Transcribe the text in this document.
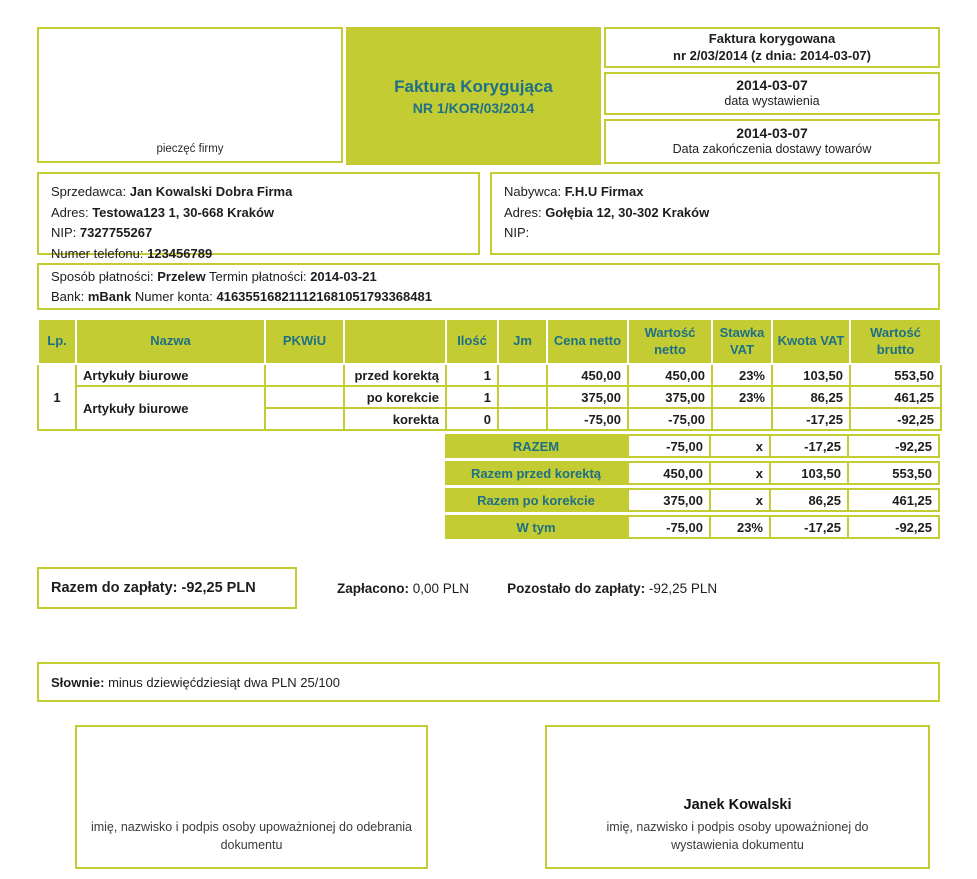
pieczęć firmy
Faktura Korygująca
NR 1/KOR/03/2014
Faktura korygowana
nr 2/03/2014 (z dnia: 2014-03-07)
2014-03-07
data wystawienia
2014-03-07
Data zakończenia dostawy towarów
Sprzedawca: Jan Kowalski Dobra Firma
Adres: Testowa123 1, 30-668 Kraków
NIP: 7327755267
Numer telefonu: 123456789
Nabywca: F.H.U Firmax
Adres: Gołębia 12, 30-302 Kraków
NIP:
Sposób płatności: Przelew Termin płatności: 2014-03-21
Bank: mBank Numer konta: 416355168211121681051793368481
Lp.	Nazwa	PKWiU		Ilość	Jm	Cena netto	Wartość netto	Stawka VAT	Kwota VAT	Wartość brutto
1	Artykuły biurowe		przed korektą	1		450,00	450,00	23%	103,50	553,50
	Artykuły biurowe		po korekcie	1		375,00	375,00	23%	86,25	461,25
			korekta	0		-75,00	-75,00		-17,25	-92,25
RAZEM	-75,00	x	-17,25	-92,25
Razem przed korektą	450,00	x	103,50	553,50
Razem po korekcie	375,00	x	86,25	461,25
W tym	-75,00	23%	-17,25	-92,25
Razem do zapłaty: -92,25 PLN	Zapłacono: 0,00 PLN	Pozostało do zapłaty: -92,25 PLN
Słownie: minus dziewięćdziesiąt dwa PLN 25/100
imię, nazwisko i podpis osoby upoważnionej do odebrania
dokumentu
Janek Kowalski
imię, nazwisko i podpis osoby upoważnionej do
wystawienia dokumentu
